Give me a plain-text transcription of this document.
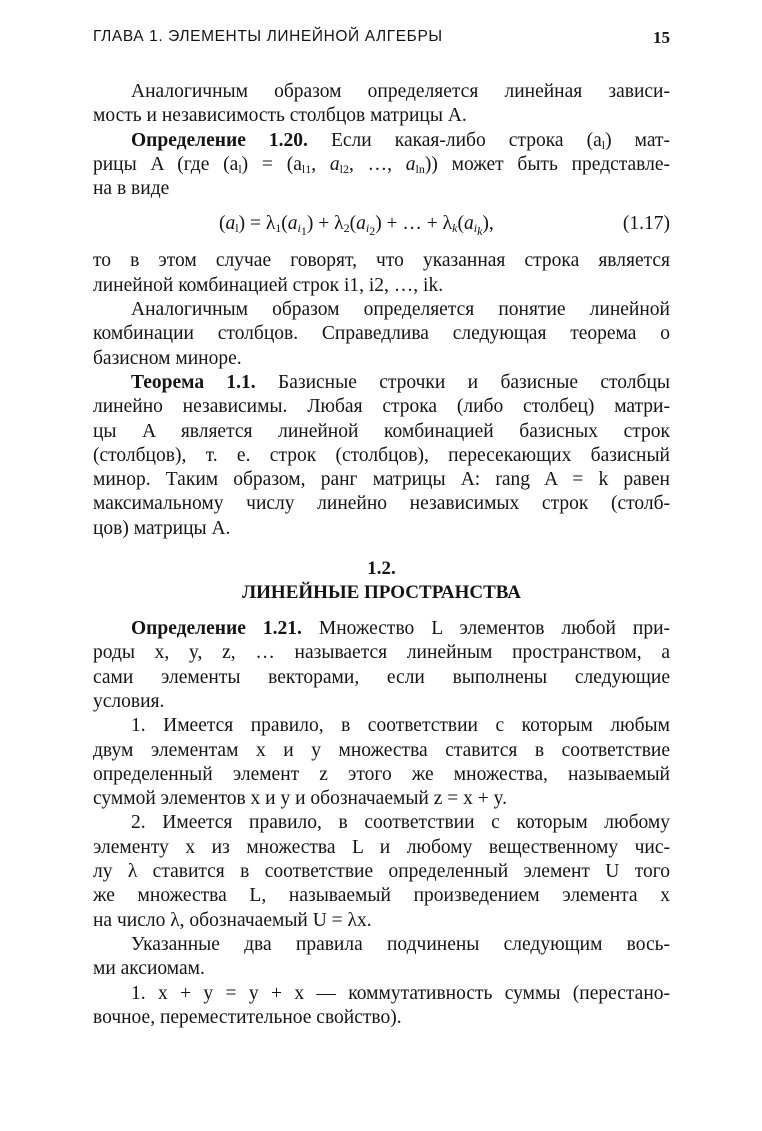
ГЛАВА 1. ЭЛЕМЕНТЫ ЛИНЕЙНОЙ АЛГЕБРЫ	15
Аналогичным образом определяется линейная зависи-
мость и независимость столбцов матрицы A.
Определение 1.20. Если какая-либо строка $(a_l)$ мат-
рицы A (где $(a_l) = (a_{l1}$, $a_{l2}$, …, $a_{ln}$)) может быть представле-
на в виде
$(a_l) = \lambda_1(a_{i_1}) + \lambda_2(a_{i_2})$ + … + $\lambda_k(a_{i_k})$,	(1.17)
то в этом случае говорят, что указанная строка является
линейной комбинацией строк i1, i2, …, ik.
Аналогичным образом определяется понятие линейной
комбинации столбцов. Справедлива следующая теорема о
базисном миноре.
Теорема 1.1. Базисные строчки и базисные столбцы
линейно независимы. Любая строка (либо столбец) матри-
цы A является линейной комбинацией базисных строк
(столбцов), т. е. строк (столбцов), пересекающих базисный
минор. Таким образом, ранг матрицы A: rang A = k равен
максимальному числу линейно независимых строк (столб-
цов) матрицы A.

1.2.

ЛИНЕЙНЫЕ ПРОСТРАНСТВА

Определение 1.21. Множество L элементов любой при-
роды x, y, z, … называется линейным пространством, а
сами элементы векторами, если выполнены следующие
условия.
1. Имеется правило, в соответствии с которым любым
двум элементам x и y множества ставится в соответствие
определенный элемент z этого же множества, называемый
суммой элементов x и y и обозначаемый z = x + y.
2. Имеется правило, в соответствии с которым любому
элементу x из множества L и любому вещественному чис-
лу λ ставится в соответствие определенный элемент U того
же множества L, называемый произведением элемента x
на число λ, обозначаемый U = λx.
Указанные два правила подчинены следующим вось-
ми аксиомам.
1. x + y = y + x — коммутативность суммы (перестано-
вочное, переместительное свойство).
